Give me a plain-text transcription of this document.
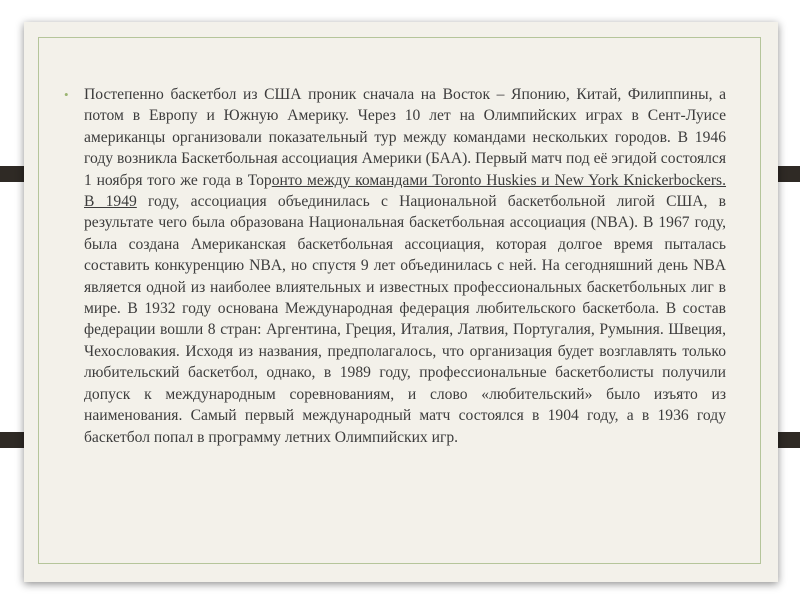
• Постепенно баскетбол из США проник сначала на Восток – Японию, Китай, Филиппины, а потом в Европу и Южную Америку. Через 10 лет на Олимпийских играх в Сент-Луисе американцы организовали показательный тур между командами нескольких городов. В 1946 году возникла Баскетбольная ассоциация Америки (БАА). Первый матч под её эгидой состоялся 1 ноября того же года в Торонто между командами Toronto Huskies и New York Knickerbockers. В 1949 году, ассоциация объединилась с Национальной баскетбольной лигой США, в результате чего была образована Национальная баскетбольная ассоциация (NBA). В 1967 году, была создана Американская баскетбольная ассоциация, которая долгое время пыталась составить конкуренцию NBA, но спустя 9 лет объединилась с ней. На сегодняшний день NBA является одной из наиболее влиятельных и известных профессиональных баскетбольных лиг в мире. В 1932 году основана Международная федерация любительского баскетбола. В состав федерации вошли 8 стран: Аргентина, Греция, Италия, Латвия, Португалия, Румыния. Швеция, Чехословакия. Исходя из названия, предполагалось, что организация будет возглавлять только любительский баскетбол, однако, в 1989 году, профессиональные баскетболисты получили допуск к международным соревнованиям, и слово «любительский» было изъято из наименования. Самый первый международный матч состоялся в 1904 году, а в 1936 году баскетбол попал в программу летних Олимпийских игр.
